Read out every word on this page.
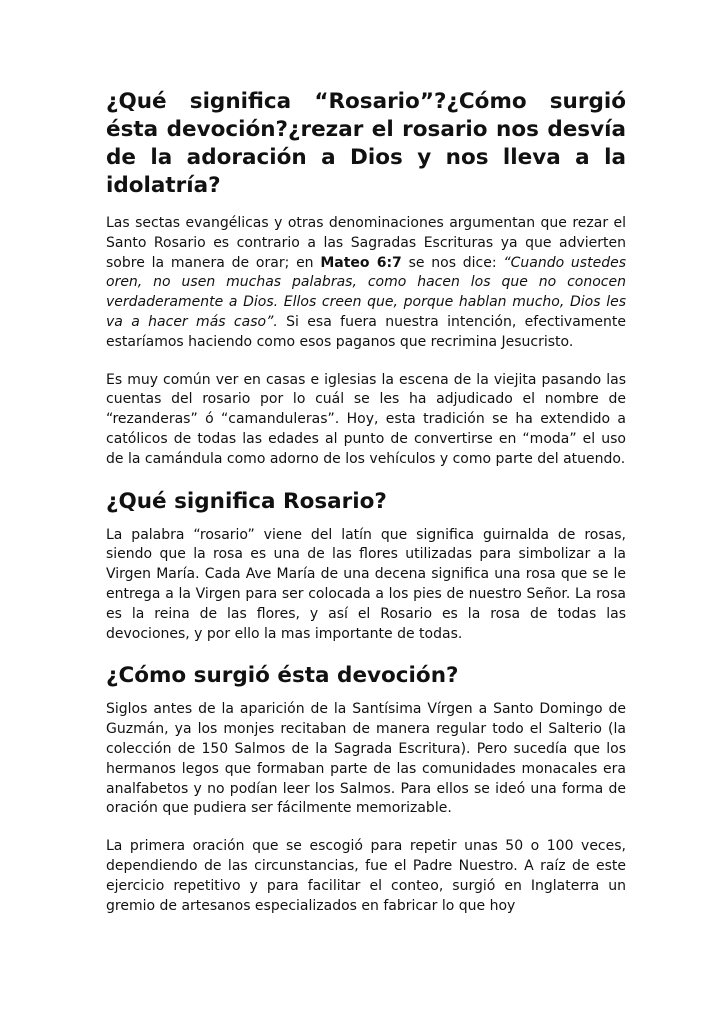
¿Qué significa “Rosario”?¿Cómo surgió ésta devoción?¿rezar el rosario nos desvía de la adoración a Dios y nos lleva a la idolatría?

Las sectas evangélicas y otras denominaciones argumentan que rezar el Santo Rosario es contrario a las Sagradas Escrituras ya que advierten sobre la manera de orar; en Mateo 6:7 se nos dice: “Cuando ustedes oren, no usen muchas palabras, como hacen los que no conocen verdaderamente a Dios. Ellos creen que, porque hablan mucho, Dios les va a hacer más caso”. Si esa fuera nuestra intención, efectivamente estaríamos haciendo como esos paganos que recrimina Jesucristo.

Es muy común ver en casas e iglesias la escena de la viejita pasando las cuentas del rosario por lo cuál se les ha adjudicado el nombre de “rezanderas” ó “camanduleras”. Hoy, esta tradición se ha extendido a católicos de todas las edades al punto de convertirse en “moda” el uso de la camándula como adorno de los vehículos y como parte del atuendo.

¿Qué significa Rosario?

La palabra “rosario” viene del latín que significa guirnalda de rosas, siendo que la rosa es una de las flores utilizadas para simbolizar a la Virgen María. Cada Ave María de una decena significa una rosa que se le entrega a la Virgen para ser colocada a los pies de nuestro Señor. La rosa es la reina de las flores, y así el Rosario es la rosa de todas las devociones, y por ello la mas importante de todas.

¿Cómo surgió ésta devoción?

Siglos antes de la aparición de la Santísima Vírgen a Santo Domingo de Guzmán, ya los monjes recitaban de manera regular todo el Salterio (la colección de 150 Salmos de la Sagrada Escritura). Pero sucedía que los hermanos legos que formaban parte de las comunidades monacales era analfabetos y no podían leer los Salmos. Para ellos se ideó una forma de oración que pudiera ser fácilmente memorizable.

La primera oración que se escogió para repetir unas 50 o 100 veces, dependiendo de las circunstancias, fue el Padre Nuestro. A raíz de este ejercicio repetitivo y para facilitar el conteo, surgió en Inglaterra un gremio de artesanos especializados en fabricar lo que hoy
